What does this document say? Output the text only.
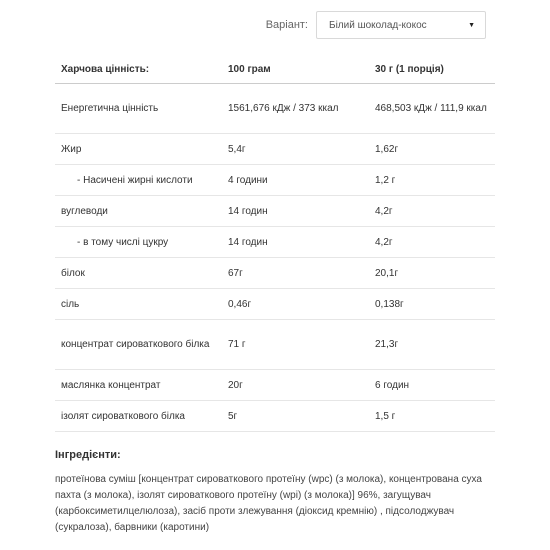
Варіант: Білий шоколад-кокос	▼
Харчова цінність:	100 грам	30 г (1 порція)
Енергетична цінність	1561,676 кДж / 373 ккал	468,503 кДж / 111,9 ккал
Жир	5,4г	1,62г
- Насичені жирні кислоти	4 години	1,2 г
вуглеводи	14 годин	4,2г
- в тому числі цукру	14 годин	4,2г
білок	67г	20,1г
сіль	0,46г	0,138г
концентрат сироваткового білка	71 г	21,3г
маслянка концентрат	20г	6 годин
ізолят сироваткового білка	5г	1,5 г
Інгредієнти:
протеїнова суміш [концентрат сироваткового протеїну (wpc) (з молока), концентрована суха пахта (з молока), ізолят сироваткового протеїну (wpi) (з молока)] 96%, загущувач (карбоксиметилцелюлоза), засіб проти злежування (діоксид кремнію) , підсолоджувач (сукралоза), барвники (каротини)
